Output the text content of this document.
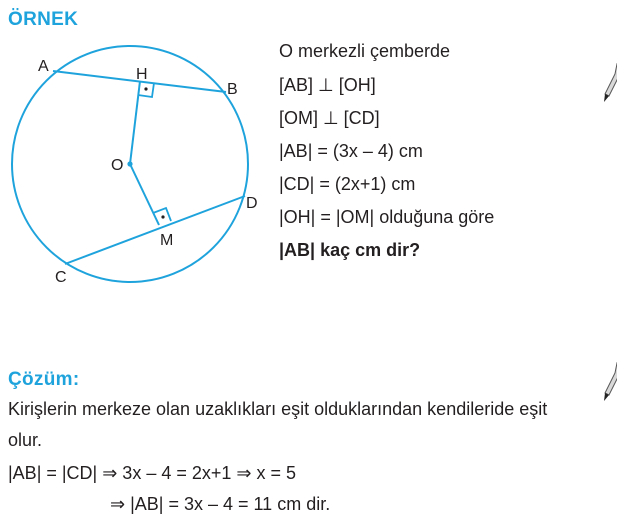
ÖRNEK
A
B
C
D
H
M
O
O merkezli çemberde
[AB] ⊥ [OH]
[OM] ⊥ [CD]
|AB| = (3x – 4) cm
|CD| = (2x+1) cm
|OH| = |OM| olduğuna göre
|AB| kaç cm dir?
Çözüm:
Kirişlerin merkeze olan uzaklıkları eşit olduklarından kendileride eşit
olur.
|AB| = |CD| ⇒ 3x – 4 = 2x+1 ⇒ x = 5
⇒ |AB| = 3x – 4 = 11 cm dir.
